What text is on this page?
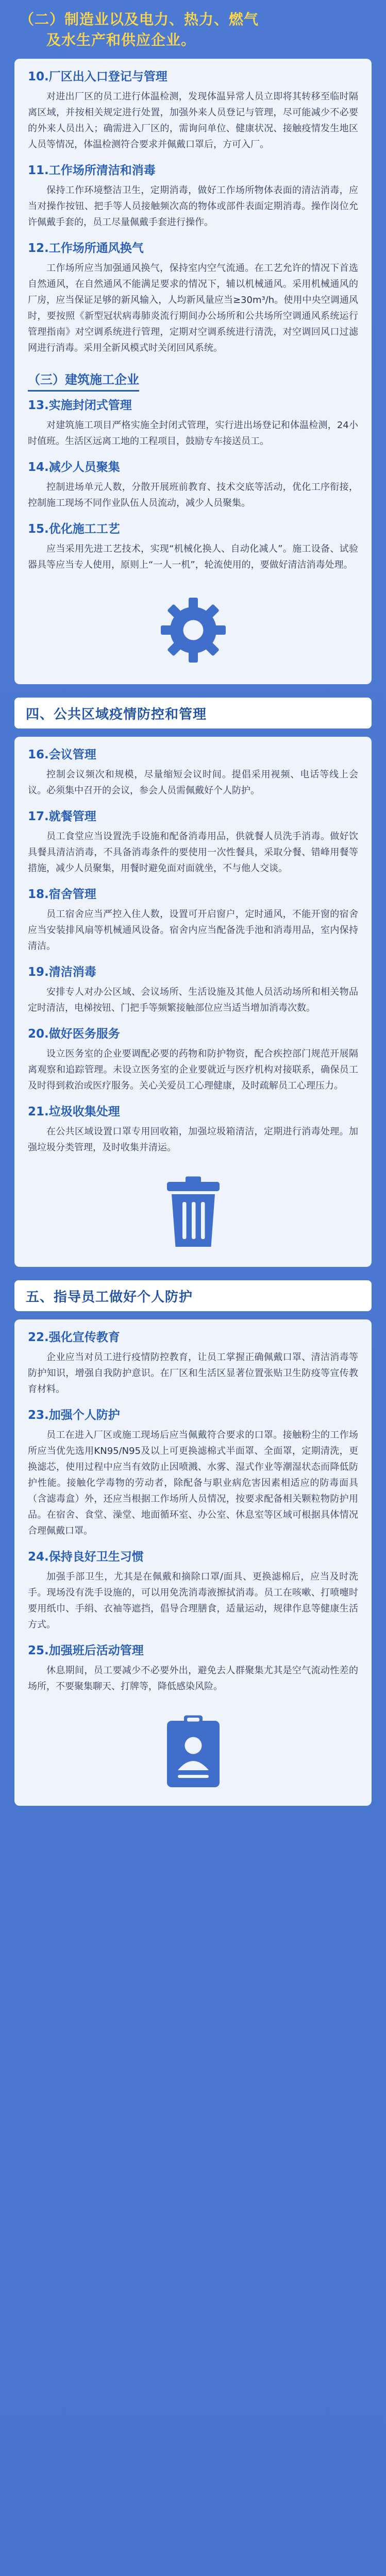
（二）制造业以及电力、热力、燃气
及水生产和供应企业。
10.厂区出入口登记与管理
对进出厂区的员工进行体温检测，发现体温异常人员立即将其转移至临时隔离区域，并按相关规定进行处置，加强外来人员登记与管理，尽可能减少不必要的外来人员出入；确需进入厂区的，需询问单位、健康状况、接触疫情发生地区人员等情况，体温检测符合要求并佩戴口罩后，方可入厂。
11.工作场所清洁和消毒
保持工作环境整洁卫生，定期消毒，做好工作场所物体表面的清洁消毒，应当对操作按钮、把手等人员接触频次高的物体或部件表面定期消毒。操作岗位允许佩戴手套的，员工尽量佩戴手套进行操作。
12.工作场所通风换气
工作场所应当加强通风换气，保持室内空气流通。在工艺允许的情况下首选自然通风，在自然通风不能满足要求的情况下，辅以机械通风。采用机械通风的厂房，应当保证足够的新风输入，人均新风量应当≥30m³/h。使用中央空调通风时，要按照《新型冠状病毒肺炎流行期间办公场所和公共场所空调通风系统运行管理指南》对空调系统进行管理，定期对空调系统进行清洗，对空调回风口过滤网进行消毒。采用全新风模式时关闭回风系统。
（三）建筑施工企业
13.实施封闭式管理
对建筑施工项目严格实施全封闭式管理，实行进出场登记和体温检测，24小时值班。生活区远离工地的工程项目，鼓励专车接送员工。
14.减少人员聚集
控制进场单元人数，分散开展班前教育、技术交底等活动，优化工序衔接，控制施工现场不同作业队伍人员流动，减少人员聚集。
15.优化施工工艺
应当采用先进工艺技术，实现“机械化换人、自动化减人”。施工设备、试验器具等应当专人使用，原则上“一人一机”，轮流使用的，要做好清洁消毒处理。
四、公共区域疫情防控和管理
16.会议管理
控制会议频次和规模，尽量缩短会议时间。提倡采用视频、电话等线上会议。必须集中召开的会议，参会人员需佩戴好个人防护。
17.就餐管理
员工食堂应当设置洗手设施和配备消毒用品，供就餐人员洗手消毒。做好饮具餐具清洁消毒，不具备消毒条件的要使用一次性餐具，采取分餐、错峰用餐等措施，减少人员聚集，用餐时避免面对面就坐，不与他人交谈。
18.宿舍管理
员工宿舍应当严控入住人数，设置可开启窗户，定时通风，不能开窗的宿舍应当安装排风扇等机械通风设备。宿舍内应当配备洗手池和消毒用品，室内保持清洁。
19.清洁消毒
安排专人对办公区域、会议场所、生活设施及其他人员活动场所和相关物品定时清洁，电梯按钮、门把手等频繁接触部位应当适当增加消毒次数。
20.做好医务服务
设立医务室的企业要调配必要的药物和防护物资，配合疾控部门规范开展隔离观察和追踪管理。未设立医务室的企业要就近与医疗机构对接联系，确保员工及时得到救治或医疗服务。关心关爱员工心理健康，及时疏解员工心理压力。
21.垃圾收集处理
在公共区域设置口罩专用回收箱，加强垃圾箱清洁，定期进行消毒处理。加强垃圾分类管理，及时收集并清运。
五、指导员工做好个人防护
22.强化宣传教育
企业应当对员工进行疫情防控教育，让员工掌握正确佩戴口罩、清洁消毒等防护知识，增强自我防护意识。在厂区和生活区显著位置张贴卫生防疫等宣传教育材料。
23.加强个人防护
员工在进入厂区或施工现场后应当佩戴符合要求的口罩。接触粉尘的工作场所应当优先选用KN95/N95及以上可更换滤棉式半面罩、全面罩，定期清洗，更换滤芯，使用过程中应当有效防止因喷溅、水雾、湿式作业等潮湿状态而降低防护性能。接触化学毒物的劳动者，除配备与职业病危害因素相适应的防毒面具（含滤毒盒）外，还应当根据工作场所人员情况，按要求配备相关颗粒物防护用品。在宿舍、食堂、澡堂、地面循环室、办公室、休息室等区域可根据具体情况合理佩戴口罩。
24.保持良好卫生习惯
加强手部卫生，尤其是在佩戴和摘除口罩/面具、更换滤棉后，应当及时洗手。现场没有洗手设施的，可以用免洗消毒液擦拭消毒。员工在咳嗽、打喷嚏时要用纸巾、手绢、衣袖等遮挡，倡导合理膳食，适量运动，规律作息等健康生活方式。
25.加强班后活动管理
休息期间，员工要减少不必要外出，避免去人群聚集尤其是空气流动性差的场所，不要聚集聊天、打牌等，降低感染风险。
